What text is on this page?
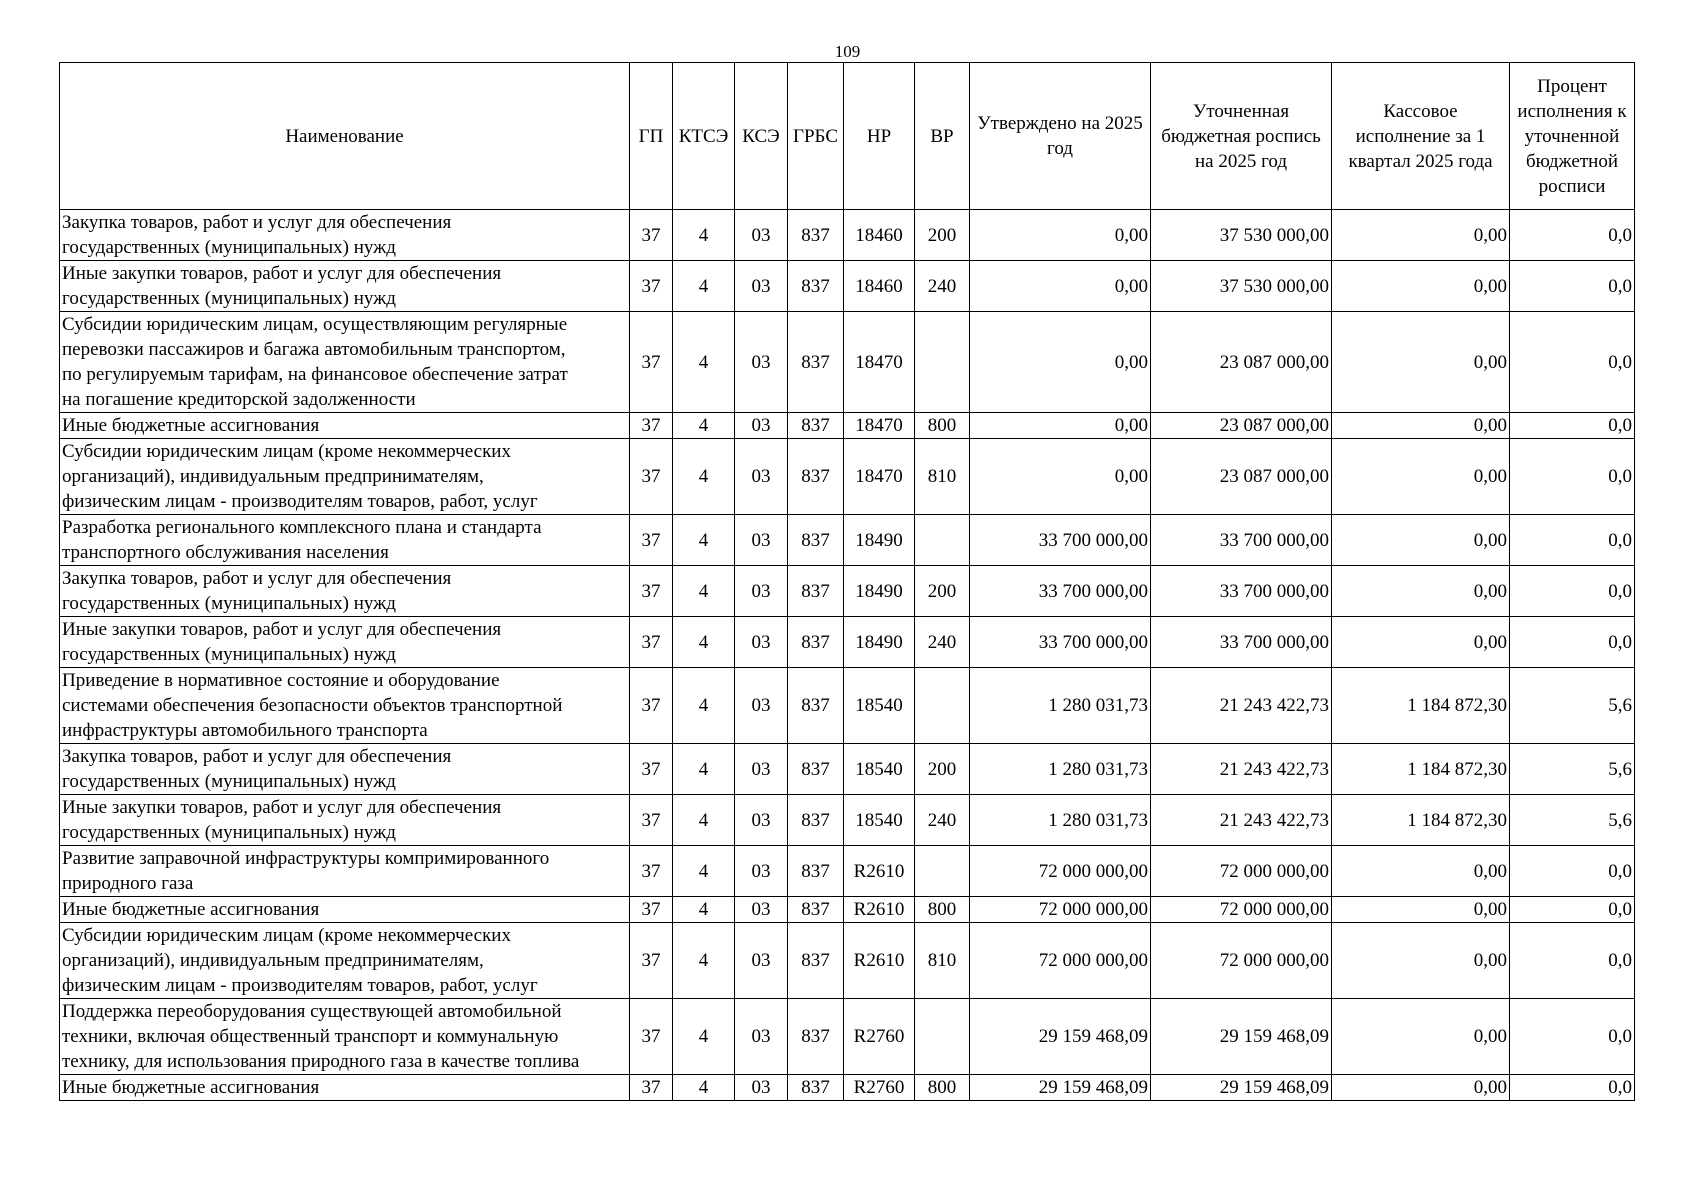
109
Наименование	ГП	КТСЭ	КСЭ	ГРБС	НР	ВР	Утверждено на 2025 год	Уточненная бюджетная роспись на 2025 год	Кассовое исполнение за 1 квартал 2025 года	Процент исполнения к уточненной бюджетной росписи
Закупка товаров, работ и услуг для обеспечения
государственных (муниципальных) нужд	37	4	03	837	18460	200	0,00	37 530 000,00	0,00	0,0
Иные закупки товаров, работ и услуг для обеспечения
государственных (муниципальных) нужд	37	4	03	837	18460	240	0,00	37 530 000,00	0,00	0,0
Субсидии юридическим лицам, осуществляющим регулярные
перевозки пассажиров и багажа автомобильным транспортом,
по регулируемым тарифам, на финансовое обеспечение затрат
на погашение кредиторской задолженности	37	4	03	837	18470		0,00	23 087 000,00	0,00	0,0
Иные бюджетные ассигнования	37	4	03	837	18470	800	0,00	23 087 000,00	0,00	0,0
Субсидии юридическим лицам (кроме некоммерческих
организаций), индивидуальным предпринимателям,
физическим лицам - производителям товаров, работ, услуг	37	4	03	837	18470	810	0,00	23 087 000,00	0,00	0,0
Разработка регионального комплексного плана и стандарта
транспортного обслуживания населения	37	4	03	837	18490		33 700 000,00	33 700 000,00	0,00	0,0
Закупка товаров, работ и услуг для обеспечения
государственных (муниципальных) нужд	37	4	03	837	18490	200	33 700 000,00	33 700 000,00	0,00	0,0
Иные закупки товаров, работ и услуг для обеспечения
государственных (муниципальных) нужд	37	4	03	837	18490	240	33 700 000,00	33 700 000,00	0,00	0,0
Приведение в нормативное состояние и оборудование
системами обеспечения безопасности объектов транспортной
инфраструктуры автомобильного транспорта	37	4	03	837	18540		1 280 031,73	21 243 422,73	1 184 872,30	5,6
Закупка товаров, работ и услуг для обеспечения
государственных (муниципальных) нужд	37	4	03	837	18540	200	1 280 031,73	21 243 422,73	1 184 872,30	5,6
Иные закупки товаров, работ и услуг для обеспечения
государственных (муниципальных) нужд	37	4	03	837	18540	240	1 280 031,73	21 243 422,73	1 184 872,30	5,6
Развитие заправочной инфраструктуры компримированного
природного газа	37	4	03	837	R2610		72 000 000,00	72 000 000,00	0,00	0,0
Иные бюджетные ассигнования	37	4	03	837	R2610	800	72 000 000,00	72 000 000,00	0,00	0,0
Субсидии юридическим лицам (кроме некоммерческих
организаций), индивидуальным предпринимателям,
физическим лицам - производителям товаров, работ, услуг	37	4	03	837	R2610	810	72 000 000,00	72 000 000,00	0,00	0,0
Поддержка переоборудования существующей автомобильной
техники, включая общественный транспорт и коммунальную
технику, для использования природного газа в качестве топлива	37	4	03	837	R2760		29 159 468,09	29 159 468,09	0,00	0,0
Иные бюджетные ассигнования	37	4	03	837	R2760	800	29 159 468,09	29 159 468,09	0,00	0,0
